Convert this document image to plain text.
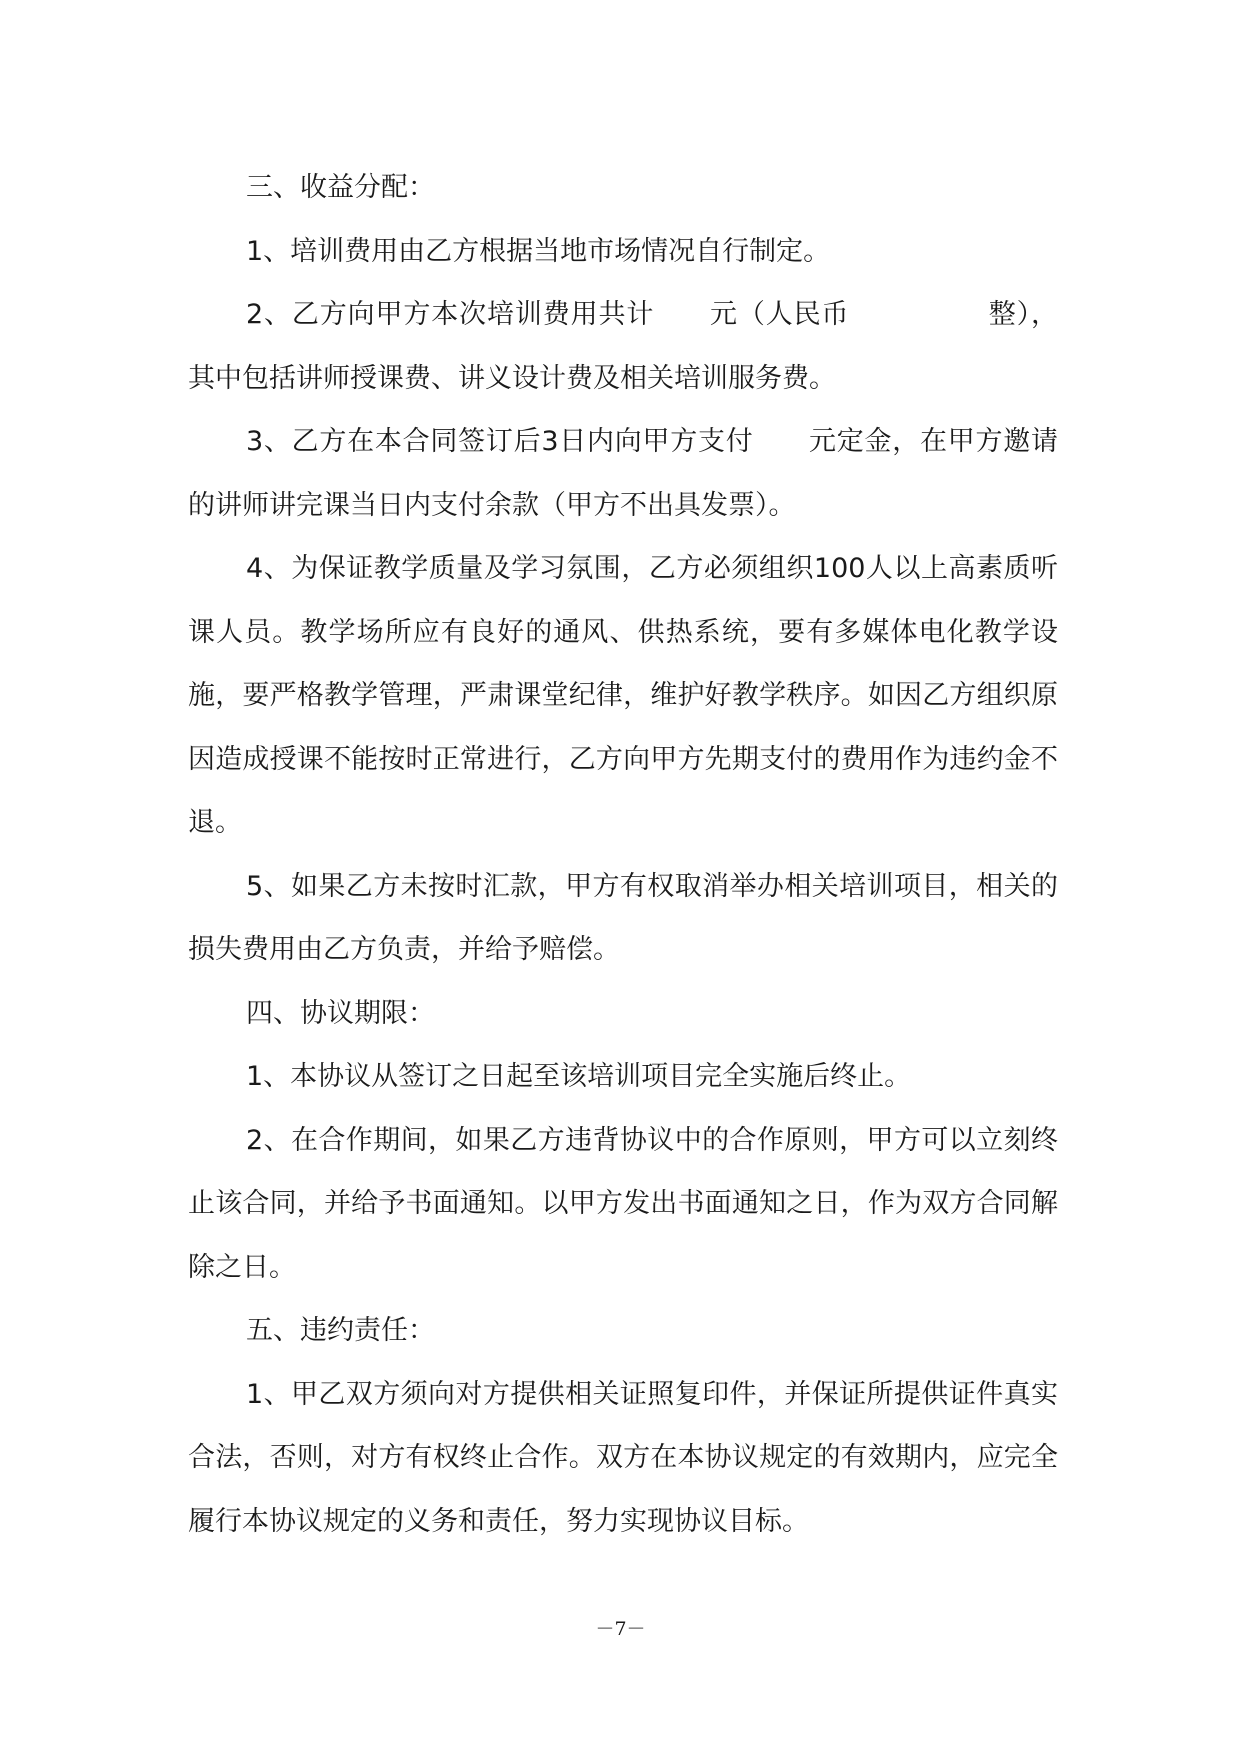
三、收益分配：

1、培训费用由乙方根据当地市场情况自行制定。

2、乙方向甲方本次培训费用共计　　元（人民币　　　　　整），其中包括讲师授课费、讲义设计费及相关培训服务费。

3、乙方在本合同签订后3日内向甲方支付　　元定金，在甲方邀请的讲师讲完课当日内支付余款（甲方不出具发票）。

4、为保证教学质量及学习氛围，乙方必须组织100人以上高素质听课人员。教学场所应有良好的通风、供热系统，要有多媒体电化教学设施，要严格教学管理，严肃课堂纪律，维护好教学秩序。如因乙方组织原因造成授课不能按时正常进行，乙方向甲方先期支付的费用作为违约金不退。

5、如果乙方未按时汇款，甲方有权取消举办相关培训项目，相关的损失费用由乙方负责，并给予赔偿。

四、协议期限：

1、本协议从签订之日起至该培训项目完全实施后终止。

2、在合作期间，如果乙方违背协议中的合作原则，甲方可以立刻终止该合同，并给予书面通知。以甲方发出书面通知之日，作为双方合同解除之日。

五、违约责任：

1、甲乙双方须向对方提供相关证照复印件，并保证所提供证件真实合法，否则，对方有权终止合作。双方在本协议规定的有效期内，应完全履行本协议规定的义务和责任，努力实现协议目标。

－7－
